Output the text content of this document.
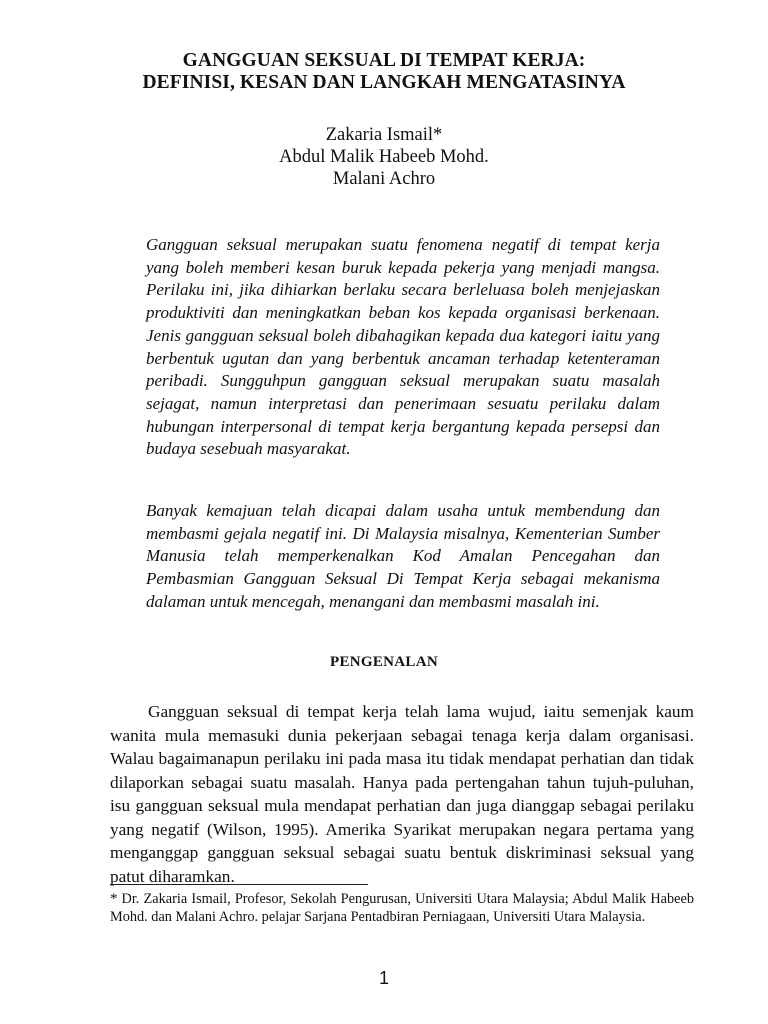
GANGGUAN SEKSUAL DI TEMPAT KERJA:
DEFINISI, KESAN DAN LANGKAH MENGATASINYA
Zakaria Ismail*
Abdul Malik Habeeb Mohd.
Malani Achro

Gangguan seksual merupakan suatu fenomena negatif di tempat kerja yang boleh memberi kesan buruk kepada pekerja yang menjadi mangsa. Perilaku ini, jika dihiarkan berlaku secara berleluasa boleh menjejaskan produktiviti dan meningkatkan beban kos kepada organisasi berkenaan. Jenis gangguan seksual boleh dibahagikan kepada dua kategori iaitu yang berbentuk ugutan dan yang berbentuk ancaman terhadap ketenteraman peribadi. Sungguhpun gangguan seksual merupakan suatu masalah sejagat, namun interpretasi dan penerimaan sesuatu perilaku dalam hubungan interpersonal di tempat kerja bergantung kepada persepsi dan budaya sesebuah masyarakat.

Banyak kemajuan telah dicapai dalam usaha untuk membendung dan membasmi gejala negatif ini. Di Malaysia misalnya, Kementerian Sumber Manusia telah memperkenalkan Kod Amalan Pencegahan dan Pembasmian Gangguan Seksual Di Tempat Kerja sebagai mekanisma dalaman untuk mencegah, menangani dan membasmi masalah ini.

PENGENALAN

Gangguan seksual di tempat kerja telah lama wujud, iaitu semenjak kaum wanita mula memasuki dunia pekerjaan sebagai tenaga kerja dalam organisasi. Walau bagaimanapun perilaku ini pada masa itu tidak mendapat perhatian dan tidak dilaporkan sebagai suatu masalah. Hanya pada pertengahan tahun tujuh-puluhan, isu gangguan seksual mula mendapat perhatian dan juga dianggap sebagai perilaku yang negatif (Wilson, 1995). Amerika Syarikat merupakan negara pertama yang menganggap gangguan seksual sebagai suatu bentuk diskriminasi seksual yang patut diharamkan.

* Dr. Zakaria Ismail, Profesor, Sekolah Pengurusan, Universiti Utara Malaysia; Abdul Malik Habeeb Mohd. dan Malani Achro. pelajar Sarjana Pentadbiran Perniagaan, Universiti Utara Malaysia.

1
